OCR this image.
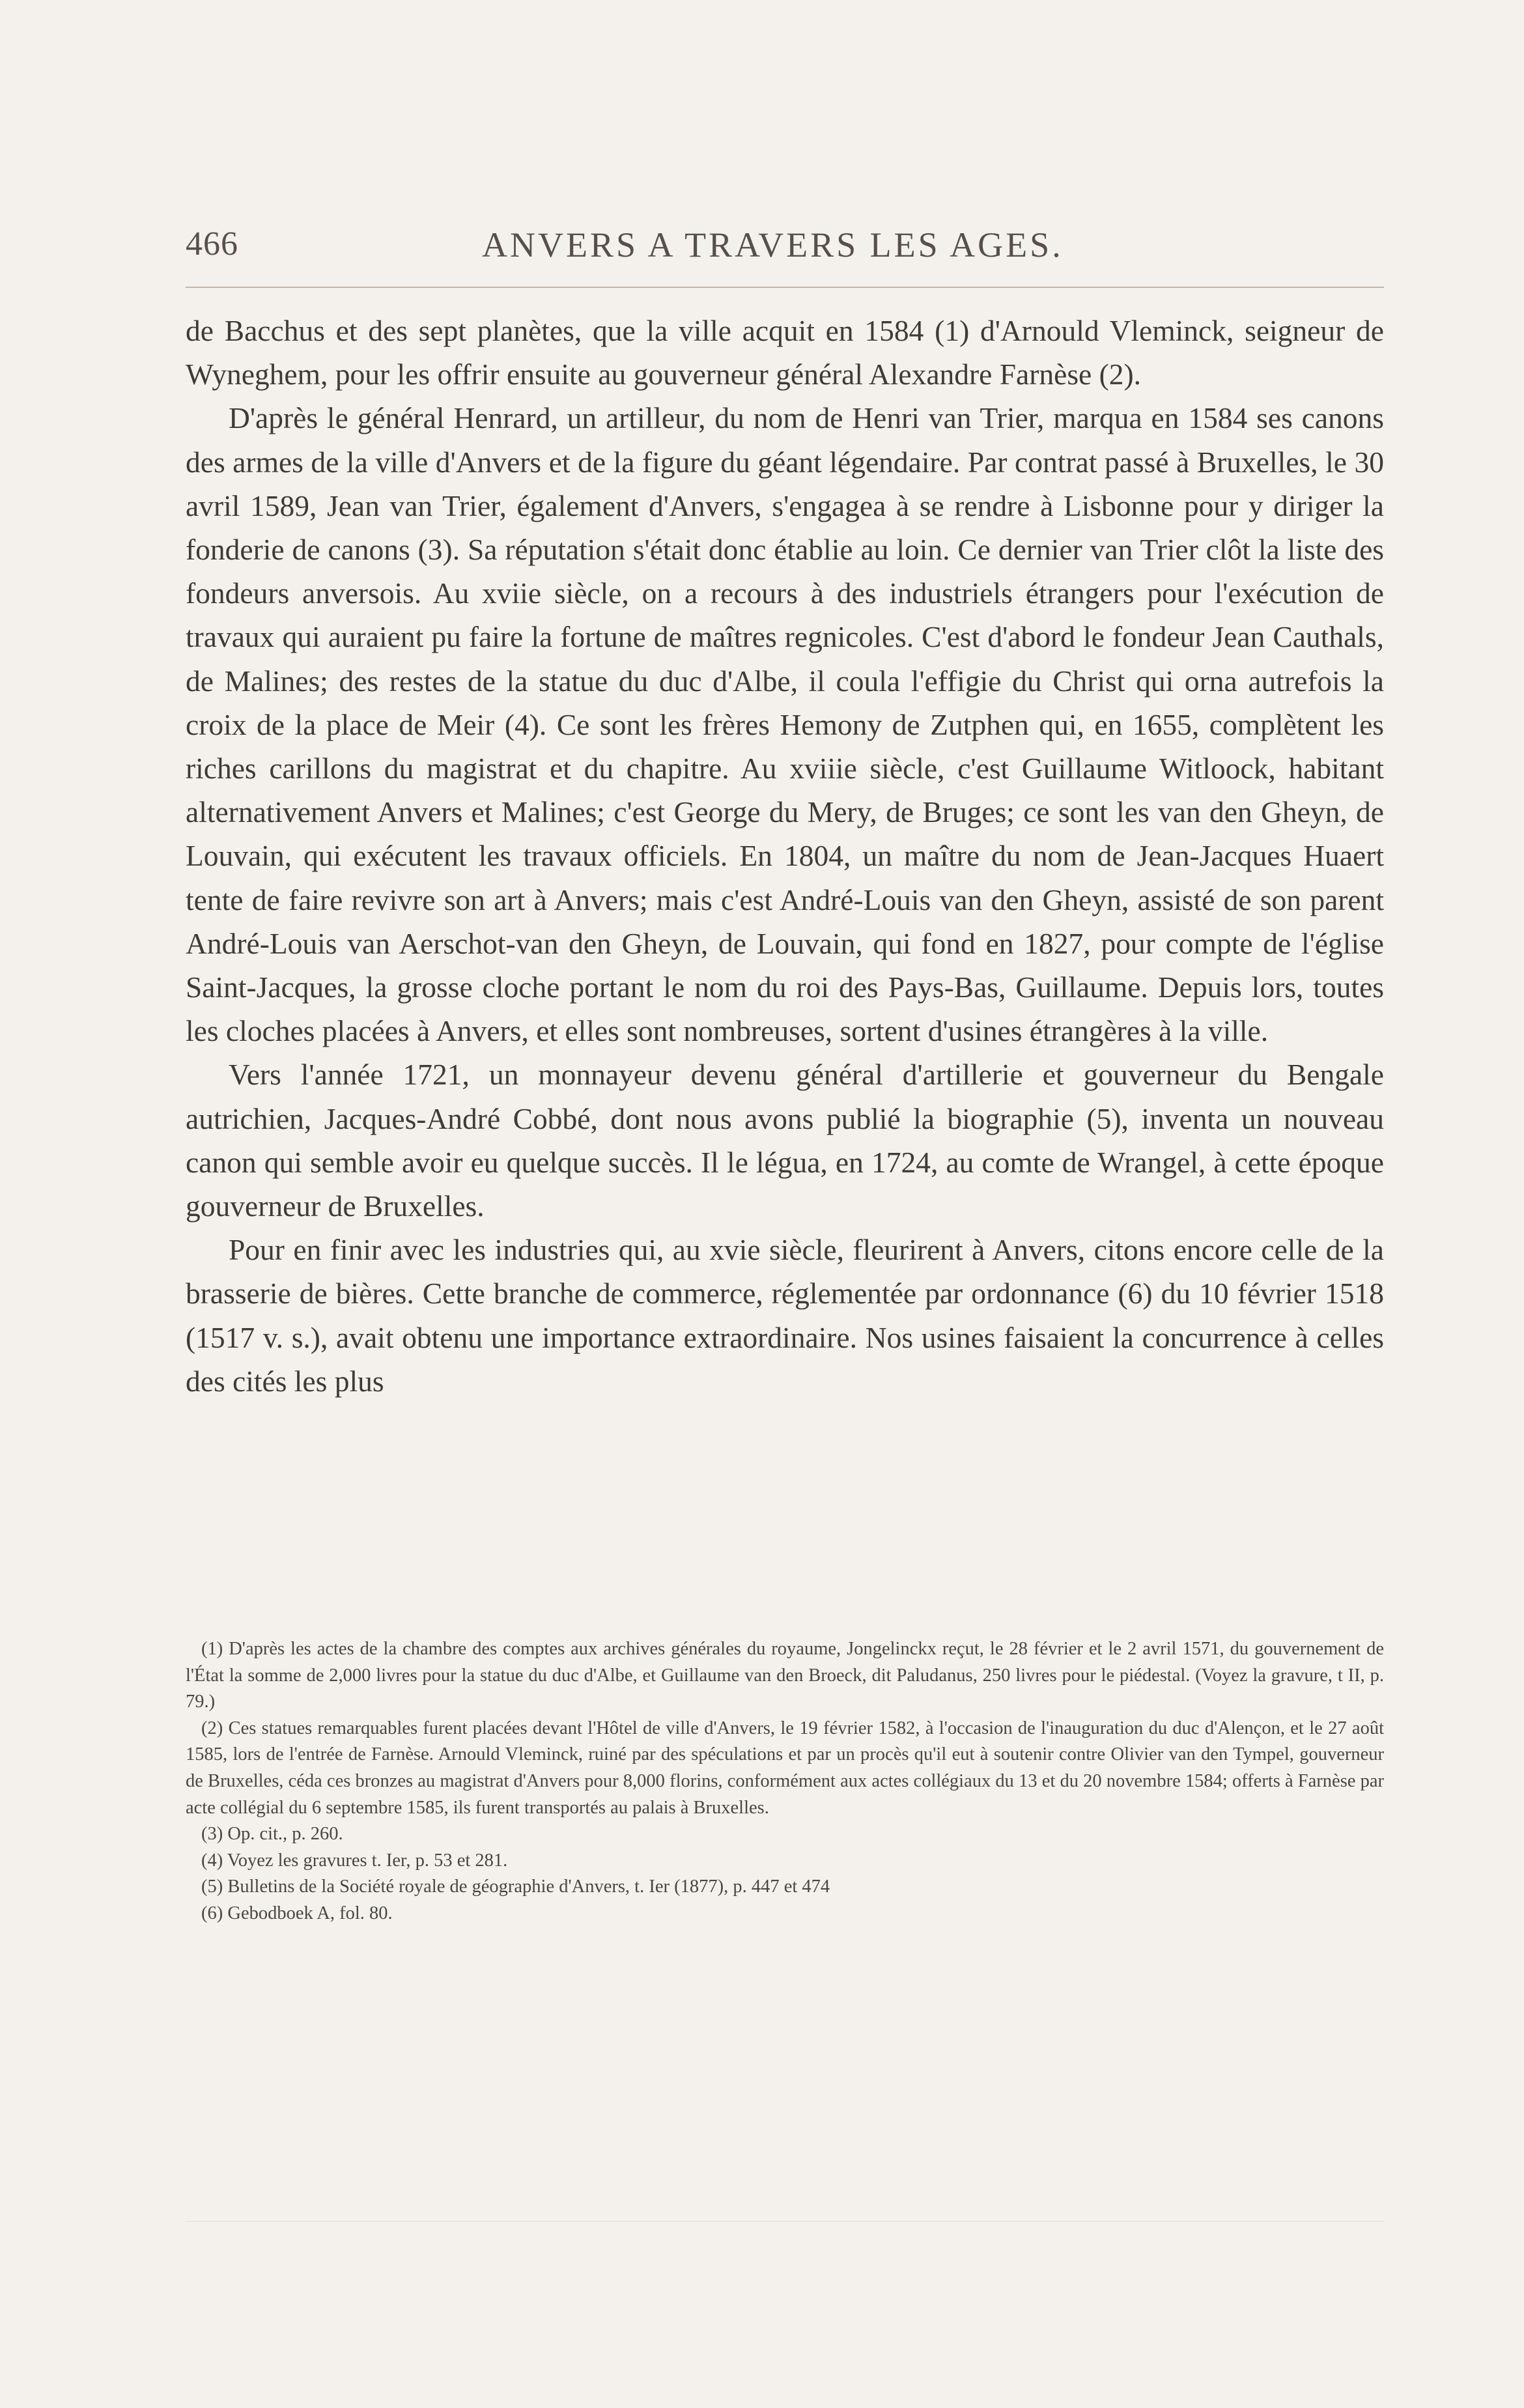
466	ANVERS A TRAVERS LES AGES.

de Bacchus et des sept planètes, que la ville acquit en 1584 (1) d'Arnould Vleminck, seigneur de Wyneghem, pour les offrir ensuite au gouverneur général Alexandre Farnèse (2).

D'après le général Henrard, un artilleur, du nom de Henri van Trier, marqua en 1584 ses canons des armes de la ville d'Anvers et de la figure du géant légendaire. Par contrat passé à Bruxelles, le 30 avril 1589, Jean van Trier, également d'Anvers, s'engagea à se rendre à Lisbonne pour y diriger la fonderie de canons (3). Sa réputation s'était donc établie au loin. Ce dernier van Trier clôt la liste des fondeurs anversois. Au xviie siècle, on a recours à des industriels étrangers pour l'exécution de travaux qui auraient pu faire la fortune de maîtres regnicoles. C'est d'abord le fondeur Jean Cauthals, de Malines; des restes de la statue du duc d'Albe, il coula l'effigie du Christ qui orna autrefois la croix de la place de Meir (4). Ce sont les frères Hemony de Zutphen qui, en 1655, complètent les riches carillons du magistrat et du chapitre. Au xviiie siècle, c'est Guillaume Witloock, habitant alternativement Anvers et Malines; c'est George du Mery, de Bruges; ce sont les van den Gheyn, de Louvain, qui exécutent les travaux officiels. En 1804, un maître du nom de Jean-Jacques Huaert tente de faire revivre son art à Anvers; mais c'est André-Louis van den Gheyn, assisté de son parent André-Louis van Aerschot-van den Gheyn, de Louvain, qui fond en 1827, pour compte de l'église Saint-Jacques, la grosse cloche portant le nom du roi des Pays-Bas, Guillaume. Depuis lors, toutes les cloches placées à Anvers, et elles sont nombreuses, sortent d'usines étrangères à la ville.

Vers l'année 1721, un monnayeur devenu général d'artillerie et gouverneur du Bengale autrichien, Jacques-André Cobbé, dont nous avons publié la biographie (5), inventa un nouveau canon qui semble avoir eu quelque succès. Il le légua, en 1724, au comte de Wrangel, à cette époque gouverneur de Bruxelles.

Pour en finir avec les industries qui, au xvie siècle, fleurirent à Anvers, citons encore celle de la brasserie de bières. Cette branche de commerce, réglementée par ordonnance (6) du 10 février 1518 (1517 v. s.), avait obtenu une importance extraordinaire. Nos usines faisaient la concurrence à celles des cités les plus

(1) D'après les actes de la chambre des comptes aux archives générales du royaume, Jongelinckx reçut, le 28 février et le 2 avril 1571, du gouvernement de l'État la somme de 2,000 livres pour la statue du duc d'Albe, et Guillaume van den Broeck, dit Paludanus, 250 livres pour le piédestal. (Voyez la gravure, t II, p. 79.)

(2) Ces statues remarquables furent placées devant l'Hôtel de ville d'Anvers, le 19 février 1582, à l'occasion de l'inauguration du duc d'Alençon, et le 27 août 1585, lors de l'entrée de Farnèse. Arnould Vleminck, ruiné par des spéculations et par un procès qu'il eut à soutenir contre Olivier van den Tympel, gouverneur de Bruxelles, céda ces bronzes au magistrat d'Anvers pour 8,000 florins, conformément aux actes collégiaux du 13 et du 20 novembre 1584; offerts à Farnèse par acte collégial du 6 septembre 1585, ils furent transportés au palais à Bruxelles.

(3) Op. cit., p. 260.

(4) Voyez les gravures t. Ier, p. 53 et 281.

(5) Bulletins de la Société royale de géographie d'Anvers, t. Ier (1877), p. 447 et 474

(6) Gebodboek A, fol. 80.
